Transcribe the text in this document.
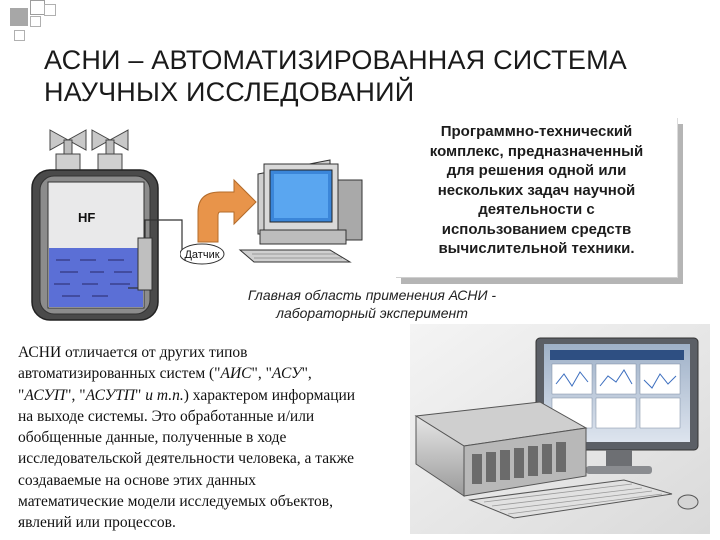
АСНИ – АВТОМАТИЗИРОВАННАЯ СИСТЕМА
НАУЧНЫХ ИССЛЕДОВАНИЙ
HF
Датчик
Программно-технический
комплекс, предназначенный
для решения одной или
нескольких задач научной
деятельности с
использованием средств
вычислительной техники.
Главная область применения АСНИ -
лабораторный эксперимент
АСНИ отличается от других типов
автоматизированных систем ("АИС", "АСУ",
"АСУП", "АСУТП" и т.п.) характером информации
на выходе системы. Это обработанные и/или
обобщенные данные, полученные в ходе
исследовательской деятельности человека, а также
создаваемые на основе этих данных
математические модели исследуемых объектов,
явлений или процессов.
